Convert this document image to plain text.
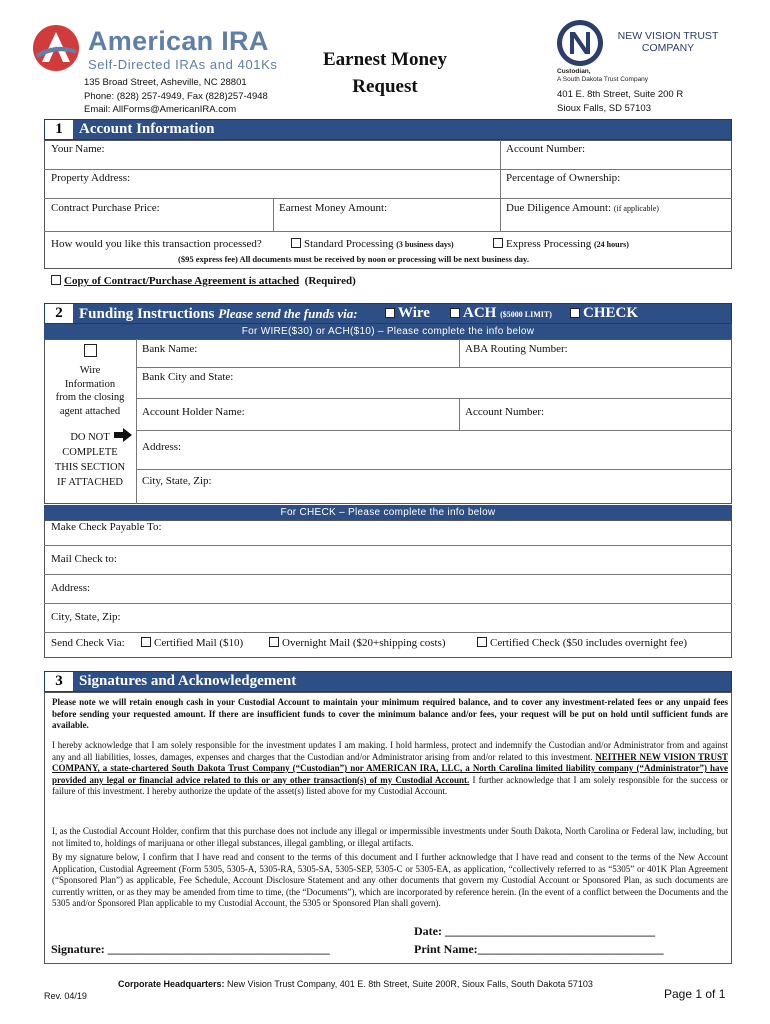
American IRA
Self-Directed IRAs and 401Ks
135 Broad Street, Asheville, NC 28801
Phone: (828) 257-4949, Fax (828)257-4948
Email: AllForms@AmericanIRA.com
Earnest Money
Request
NEW VISION TRUST
COMPANY
Custodian,
A South Dakota Trust Company
401 E. 8th Street, Suite 200 R
Sioux Falls, SD 57103
1	Account Information
Your Name:	Account Number:
Property Address:	Percentage of Ownership:
Contract Purchase Price:	Earnest Money Amount:	Due Diligence Amount: (if applicable)
How would you like this transaction processed?	Standard Processing (3 business days)	Express Processing (24 hours)
($95 express fee) All documents must be received by noon or processing will be next business day.
Copy of Contract/Purchase Agreement is attached (Required)
2	Funding Instructions Please send the funds via:	Wire	ACH ($5000 LIMIT)	CHECK
For WIRE($30) or ACH($10) – Please complete the info below
Wire
Information
from the closing
agent attached
DO NOT
COMPLETE
THIS SECTION
IF ATTACHED
Bank Name:	ABA Routing Number:
Bank City and State:
Account Holder Name:	Account Number:
Address:
City, State, Zip:
For CHECK – Please complete the info below
Make Check Payable To:
Mail Check to:
Address:
City, State, Zip:
Send Check Via:	Certified Mail ($10)	Overnight Mail ($20+shipping costs)	Certified Check ($50 includes overnight fee)
3	Signatures and Acknowledgement
Please note we will retain enough cash in your Custodial Account to maintain your minimum required balance, and to cover any investment-related fees or any unpaid fees before sending your requested amount. If there are insufficient funds to cover the minimum balance and/or fees, your request will be put on hold until sufficient funds are available.
I hereby acknowledge that I am solely responsible for the investment updates I am making. I hold harmless, protect and indemnify the Custodian and/or Administrator from and against any and all liabilities, losses, damages, expenses and charges that the Custodian and/or Administrator arising from and/or related to this investment. NEITHER NEW VISION TRUST COMPANY, a state-chartered South Dakota Trust Company (“Custodian”) nor AMERICAN IRA, LLC, a North Carolina limited liability company (“Administrator”) have provided any legal or financial advice related to this or any other transaction(s) of my Custodial Account. I further acknowledge that I am solely responsible for the success or failure of this investment. I hereby authorize the update of the asset(s) listed above for my Custodial Account.
I, as the Custodial Account Holder, confirm that this purchase does not include any illegal or impermissible investments under South Dakota, North Carolina or Federal law, including, but not limited to, holdings of marijuana or other illegal substances, illegal gambling, or illegal artifacts.
By my signature below, I confirm that I have read and consent to the terms of this document and I further acknowledge that I have read and consent to the terms of the New Account Application, Custodial Agreement (Form 5305, 5305-A, 5305-RA, 5305-SA, 5305-SEP, 5305-C or 5305-EA, as application, “collectively referred to as “5305” or 401K Plan Agreement (“Sponsored Plan”) as applicable, Fee Schedule, Account Disclosure Statement and any other documents that govern my Custodial Account or Sponsored Plan, as such documents are currently written, or as they may be amended from time to time, (the “Documents”), which are incorporated by reference herein. (In the event of a conflict between the Documents and the 5305 and/or Sponsored Plan applicable to my Custodial Account, the 5305 or Sponsored Plan shall govern).
Date: ___________________________________
Signature: _____________________________________	Print Name:_______________________________
Corporate Headquarters: New Vision Trust Company, 401 E. 8th Street, Suite 200R, Sioux Falls, South Dakota 57103
Rev. 04/19	Page 1 of 1
